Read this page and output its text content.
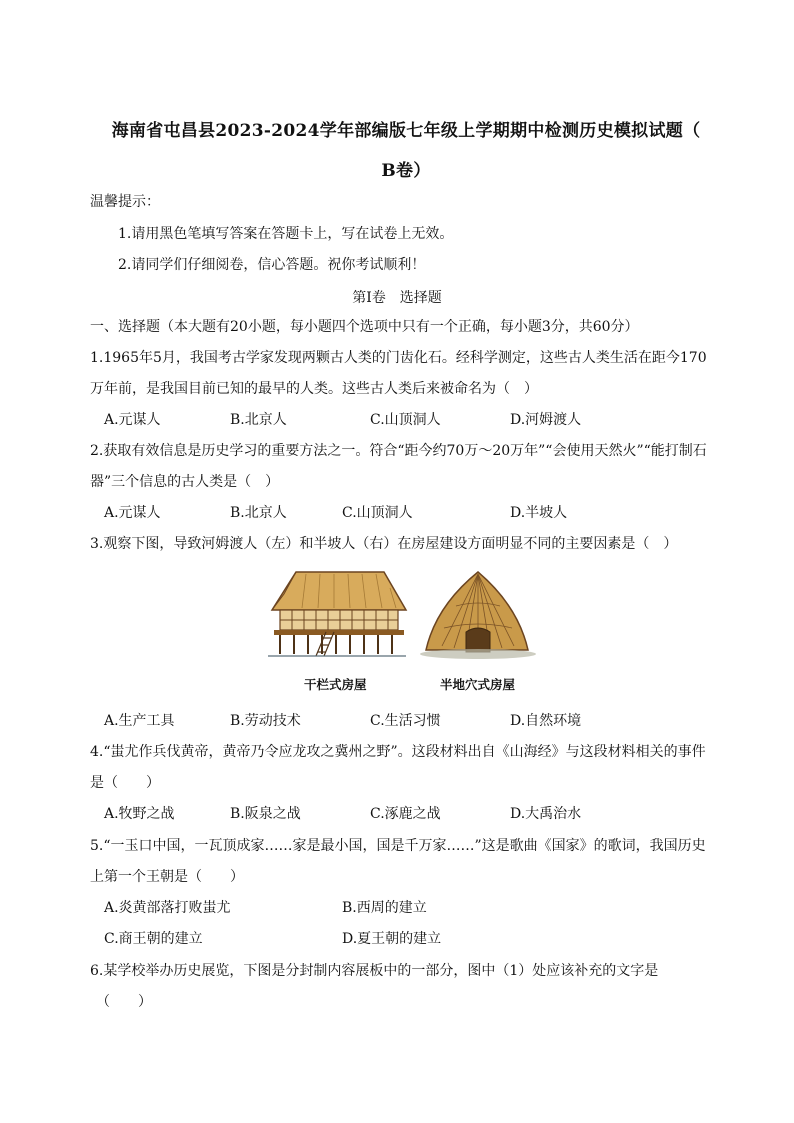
海南省屯昌县2023-2024学年部编版七年级上学期期中检测历史模拟试题（
B卷）
温馨提示：
1.请用黑色笔填写答案在答题卡上，写在试卷上无效。
2.请同学们仔细阅卷，信心答题。祝你考试顺利！
第Ⅰ卷　选择题
一、选择题（本大题有20小题，每小题四个选项中只有一个正确，每小题3分，共60分）
1.1965年5月，我国考古学家发现两颗古人类的门齿化石。经科学测定，这些古人类生活在距今170
万年前，是我国目前已知的最早的人类。这些古人类后来被命名为（　）
A.元谋人	B.北京人	C.山顶洞人	D.河姆渡人
2.获取有效信息是历史学习的重要方法之一。符合“距今约70万～20万年”“会使用天然火”“能打制石
器”三个信息的古人类是（　）
A.元谋人	B.北京人	C.山顶洞人	D.半坡人
3.观察下图，导致河姆渡人（左）和半坡人（右）在房屋建设方面明显不同的主要因素是（　）
干栏式房屋	半地穴式房屋
A.生产工具	B.劳动技术	C.生活习惯	D.自然环境
4.“蚩尤作兵伐黄帝，黄帝乃令应龙攻之冀州之野”。这段材料出自《山海经》与这段材料相关的事件
是（　　）
A.牧野之战	B.阪泉之战	C.涿鹿之战	D.大禹治水
5.“一玉口中国，一瓦顶成家……家是最小国，国是千万家……”这是歌曲《国家》的歌词，我国历史
上第一个王朝是（　　）
A.炎黄部落打败蚩尤	B.西周的建立
C.商王朝的建立	D.夏王朝的建立
6.某学校举办历史展览，下图是分封制内容展板中的一部分，图中（1）处应该补充的文字是
（　　）
